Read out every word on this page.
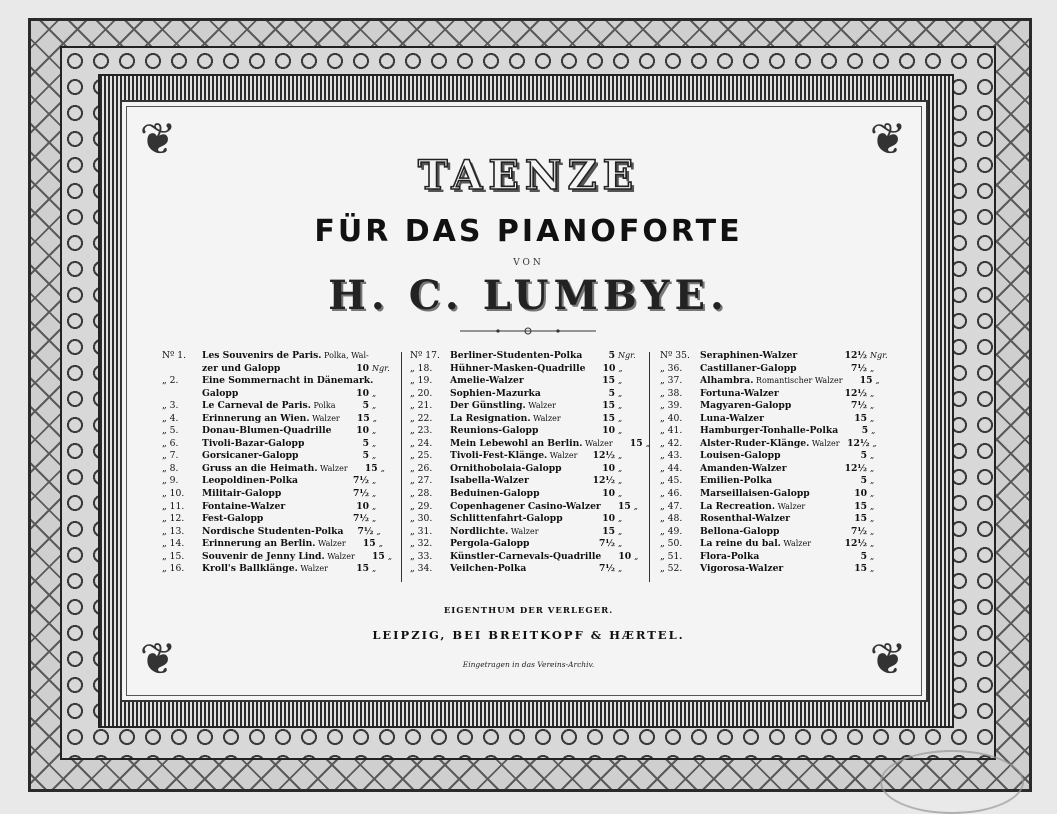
❦	❦
❦	❦
TAENZE
FÜR DAS PIANOFORTE
VON
H. C. LUMBYE.
Nº 1.	Les Souvenirs de Paris. Polka, Wal-
zer und Galopp	10 Ngr.
„ 2.	Eine Sommernacht in Dänemark.
Galopp	10 „
„ 3.	Le Carneval de Paris. Polka	5 „
„ 4.	Erinnerung an Wien. Walzer	15 „
„ 5.	Donau-Blumen-Quadrille	10 „
„ 6.	Tivoli-Bazar-Galopp	5 „
„ 7.	Gorsicaner-Galopp	5 „
„ 8.	Gruss an die Heimath. Walzer	15 „
„ 9.	Leopoldinen-Polka	7½ „
„ 10.	Militair-Galopp	7½ „
„ 11.	Fontaine-Walzer	10 „
„ 12.	Fest-Galopp	7½ „
„ 13.	Nordische Studenten-Polka	7½ „
„ 14.	Erinnerung an Berlin. Walzer	15 „
„ 15.	Souvenir de Jenny Lind. Walzer	15 „
„ 16.	Kroll's Ballklänge. Walzer	15 „
Nº 17.	Berliner-Studenten-Polka	5 Ngr.
„ 18.	Hühner-Masken-Quadrille	10 „
„ 19.	Amelie-Walzer	15 „
„ 20.	Sophien-Mazurka	5 „
„ 21.	Der Günstling. Walzer	15 „
„ 22.	La Resignation. Walzer	15 „
„ 23.	Reunions-Galopp	10 „
„ 24.	Mein Lebewohl an Berlin. Walzer	15 „
„ 25.	Tivoli-Fest-Klänge. Walzer	12½ „
„ 26.	Ornithobolaia-Galopp	10 „
„ 27.	Isabella-Walzer	12½ „
„ 28.	Beduinen-Galopp	10 „
„ 29.	Copenhagener Casino-Walzer	15 „
„ 30.	Schlittenfahrt-Galopp	10 „
„ 31.	Nordlichte. Walzer	15 „
„ 32.	Pergola-Galopp	7½ „
„ 33.	Künstler-Carnevals-Quadrille	10 „
„ 34.	Veilchen-Polka	7½ „
Nº 35.	Seraphinen-Walzer	12½ Ngr.
„ 36.	Castillaner-Galopp	7½ „
„ 37.	Alhambra. Romantischer Walzer	15 „
„ 38.	Fortuna-Walzer	12½ „
„ 39.	Magyaren-Galopp	7½ „
„ 40.	Luna-Walzer	15 „
„ 41.	Hamburger-Tonhalle-Polka	5 „
„ 42.	Alster-Ruder-Klänge. Walzer 12½ „
„ 43.	Louisen-Galopp	5 „
„ 44.	Amanden-Walzer	12½ „
„ 45.	Emilien-Polka	5 „
„ 46.	Marseillaisen-Galopp	10 „
„ 47.	La Recreation. Walzer	15 „
„ 48.	Rosenthal-Walzer	15 „
„ 49.	Bellona-Galopp	7½ „
„ 50.	La reine du bal. Walzer	12½ „
„ 51.	Flora-Polka	5 „
„ 52.	Vigorosa-Walzer	15 „
EIGENTHUM DER VERLEGER.
LEIPZIG, BEI BREITKOPF & HÆRTEL.
Eingetragen in das Vereins-Archiv.
